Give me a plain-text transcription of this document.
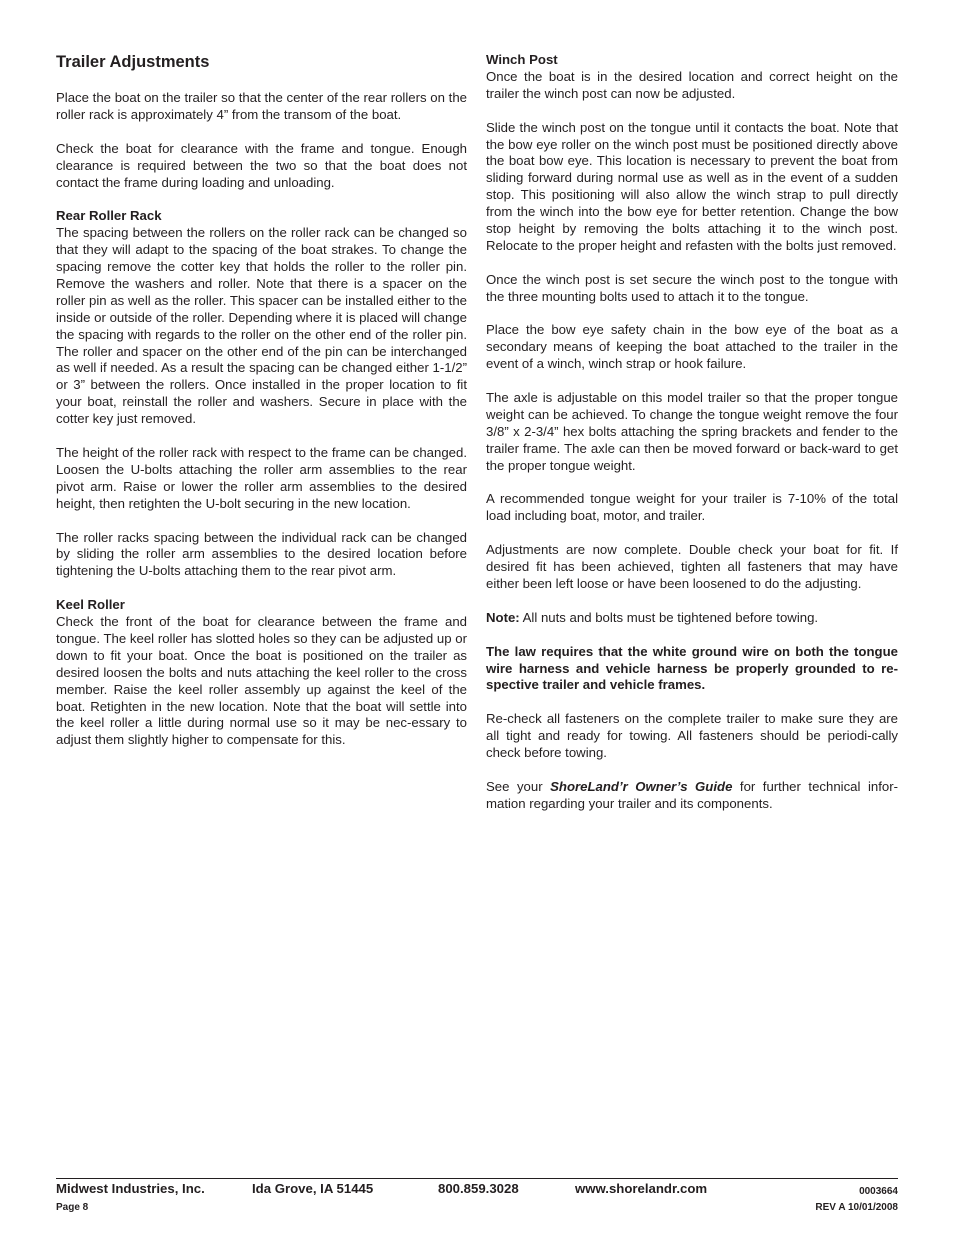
Trailer Adjustments

Place the boat on the trailer so that the center of the rear rollers on the roller rack is approximately 4” from the transom of the boat.

Check the boat for clearance with the frame and tongue. Enough clearance is required between the two so that the boat does not contact the frame during loading and unloading.

Rear Roller Rack

The spacing between the rollers on the roller rack can be changed so that they will adapt to the spacing of the boat strakes. To change the spacing remove the cotter key that holds the roller to the roller pin. Remove the washers and roller. Note that there is a spacer on the roller pin as well as the roller. This spacer can be installed either to the inside or outside of the roller. Depending where it is placed will change the spacing with regards to the roller on the other end of the roller pin. The roller and spacer on the other end of the pin can be interchanged as well if needed. As a result the spacing can be changed either 1-1/2” or 3” between the rollers. Once installed in the proper location to fit your boat, reinstall the roller and washers. Secure in place with the cotter key just removed.

The height of the roller rack with respect to the frame can be changed. Loosen the U-bolts attaching the roller arm assemblies to the rear pivot arm. Raise or lower the roller arm assemblies to the desired height, then retighten the U-bolt securing in the new location.

The roller racks spacing between the individual rack can be changed by sliding the roller arm assemblies to the desired location before tightening the U-bolts attaching them to the rear pivot arm.

Keel Roller

Check the front of the boat for clearance between the frame and tongue. The keel roller has slotted holes so they can be adjusted up or down to fit your boat. Once the boat is positioned on the trailer as desired loosen the bolts and nuts attaching the keel roller to the cross member. Raise the keel roller assembly up against the keel of the boat. Retighten in the new location. Note that the boat will settle into the keel roller a little during normal use so it may be nec-essary to adjust them slightly higher to compensate for this.

Winch Post

Once the boat is in the desired location and correct height on the trailer the winch post can now be adjusted.

Slide the winch post on the tongue until it contacts the boat. Note that the bow eye roller on the winch post must be positioned directly above the boat bow eye. This location is necessary to prevent the boat from sliding forward during normal use as well as in the event of a sudden stop. This positioning will also allow the winch strap to pull directly from the winch into the bow eye for better retention. Change the bow stop height by removing the bolts attaching it to the winch post. Relocate to the proper height and refasten with the bolts just removed.

Once the winch post is set secure the winch post to the tongue with the three mounting bolts used to attach it to the tongue.

Place the bow eye safety chain in the bow eye of the boat as a secondary means of keeping the boat attached to the trailer in the event of a winch, winch strap or hook failure.

The axle is adjustable on this model trailer so that the proper tongue weight can be achieved. To change the tongue weight remove the four 3/8” x 2-3/4” hex bolts attaching the spring brackets and fender to the trailer frame. The axle can then be moved forward or back-ward to get the proper tongue weight.

A recommended tongue weight for your trailer is 7-10% of the total load including boat, motor, and trailer.

Adjustments are now complete. Double check your boat for fit. If desired fit has been achieved, tighten all fasteners that may have either been left loose or have been loosened to do the adjusting.

Note: All nuts and bolts must be tightened before towing.

The law requires that the white ground wire on both the tongue wire harness and vehicle harness be properly grounded to re-spective trailer and vehicle frames.

Re-check all fasteners on the complete trailer to make sure they are all tight and ready for towing. All fasteners should be periodi-cally check before towing.

See your ShoreLand’r Owner’s Guide for further technical infor-mation regarding your trailer and its components.

Midwest Industries, Inc.	Ida Grove, IA 51445	800.859.3028	www.shorelandr.com	0003664
Page 8	REV A 10/01/2008
